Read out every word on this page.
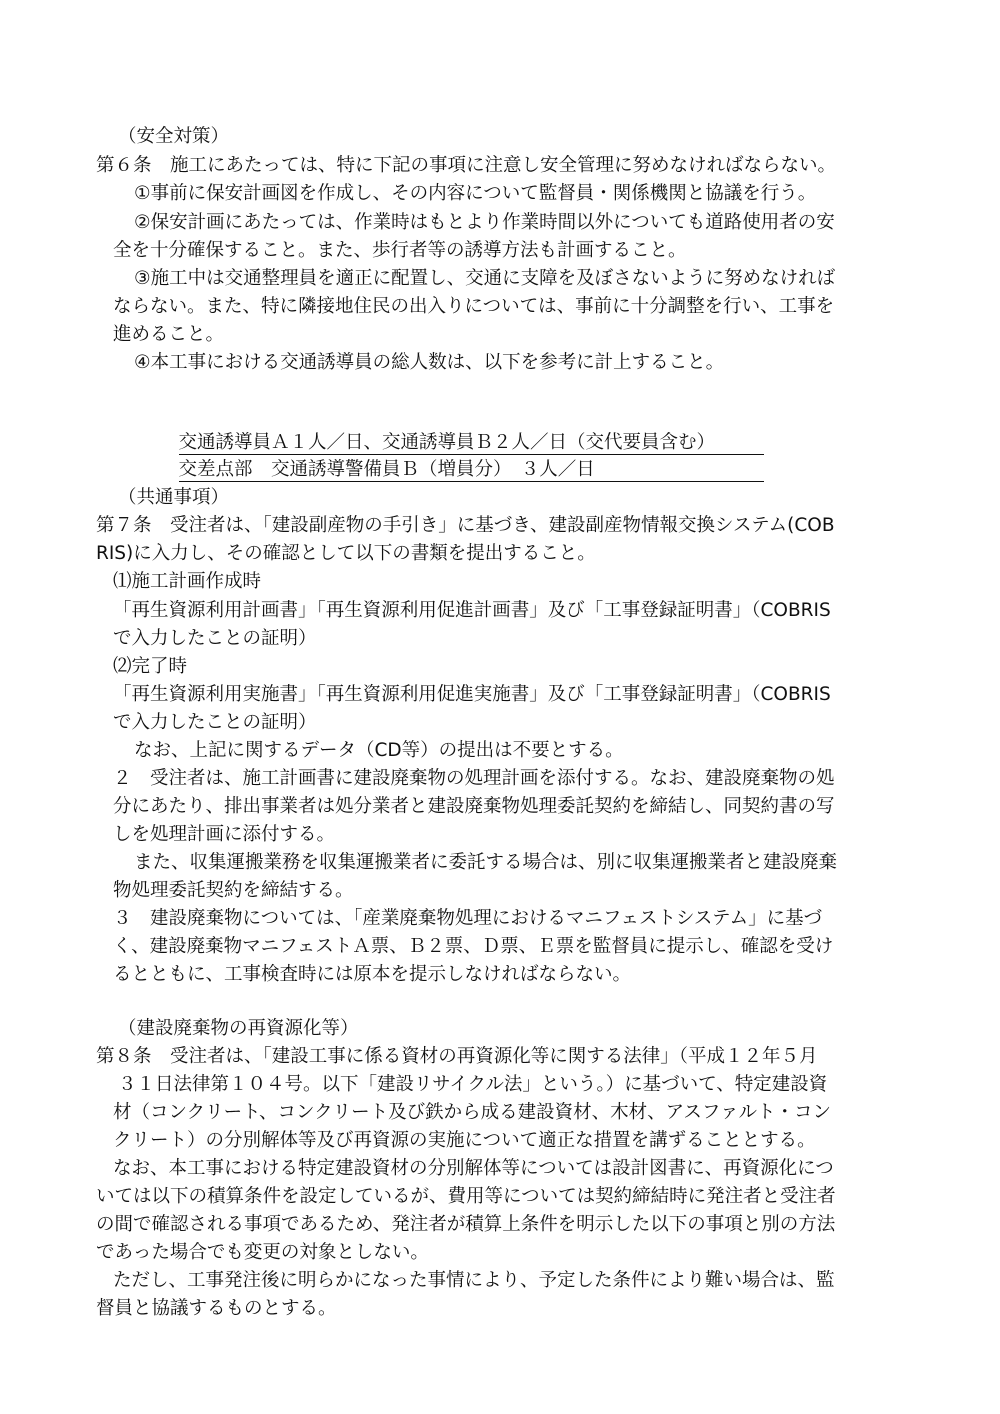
（安全対策）
第６条　施工にあたっては、特に下記の事項に注意し安全管理に努めなければならない。
①事前に保安計画図を作成し、その内容について監督員・関係機関と協議を行う。
②保安計画にあたっては、作業時はもとより作業時間以外についても道路使用者の安
全を十分確保すること。また、歩行者等の誘導方法も計画すること。
③施工中は交通整理員を適正に配置し、交通に支障を及ぼさないように努めなければ
ならない。また、特に隣接地住民の出入りについては、事前に十分調整を行い、工事を
進めること。
④本工事における交通誘導員の総人数は、以下を参考に計上すること。

交通誘導員Ａ１人／日、交通誘導員Ｂ２人／日（交代要員含む）

交差点部　交通誘導警備員Ｂ（増員分）　３人／日

（共通事項）
第７条　受注者は、「建設副産物の手引き」に基づき、建設副産物情報交換システム(COB
RIS)に入力し、その確認として以下の書類を提出すること。
⑴施工計画作成時
「再生資源利用計画書」「再生資源利用促進計画書」及び「工事登録証明書」（COBRIS
で入力したことの証明）
⑵完了時
「再生資源利用実施書」「再生資源利用促進実施書」及び「工事登録証明書」（COBRIS
で入力したことの証明）
なお、上記に関するデータ（CD等）の提出は不要とする。
２　受注者は、施工計画書に建設廃棄物の処理計画を添付する。なお、建設廃棄物の処
分にあたり、排出事業者は処分業者と建設廃棄物処理委託契約を締結し、同契約書の写
しを処理計画に添付する。
また、収集運搬業務を収集運搬業者に委託する場合は、別に収集運搬業者と建設廃棄
物処理委託契約を締結する。
３　建設廃棄物については、「産業廃棄物処理におけるマニフェストシステム」に基づ
く、建設廃棄物マニフェストＡ票、Ｂ２票、Ｄ票、Ｅ票を監督員に提示し、確認を受け
るとともに、工事検査時には原本を提示しなければならない。
（建設廃棄物の再資源化等）
第８条　受注者は、「建設工事に係る資材の再資源化等に関する法律」（平成１２年５月
３１日法律第１０４号。以下「建設リサイクル法」という。）に基づいて、特定建設資
材（コンクリート、コンクリート及び鉄から成る建設資材、木材、アスファルト・コン
クリート）の分別解体等及び再資源の実施について適正な措置を講ずることとする。
なお、本工事における特定建設資材の分別解体等については設計図書に、再資源化につ
いては以下の積算条件を設定しているが、費用等については契約締結時に発注者と受注者
の間で確認される事項であるため、発注者が積算上条件を明示した以下の事項と別の方法
であった場合でも変更の対象としない。
ただし、工事発注後に明らかになった事情により、予定した条件により難い場合は、監
督員と協議するものとする。
